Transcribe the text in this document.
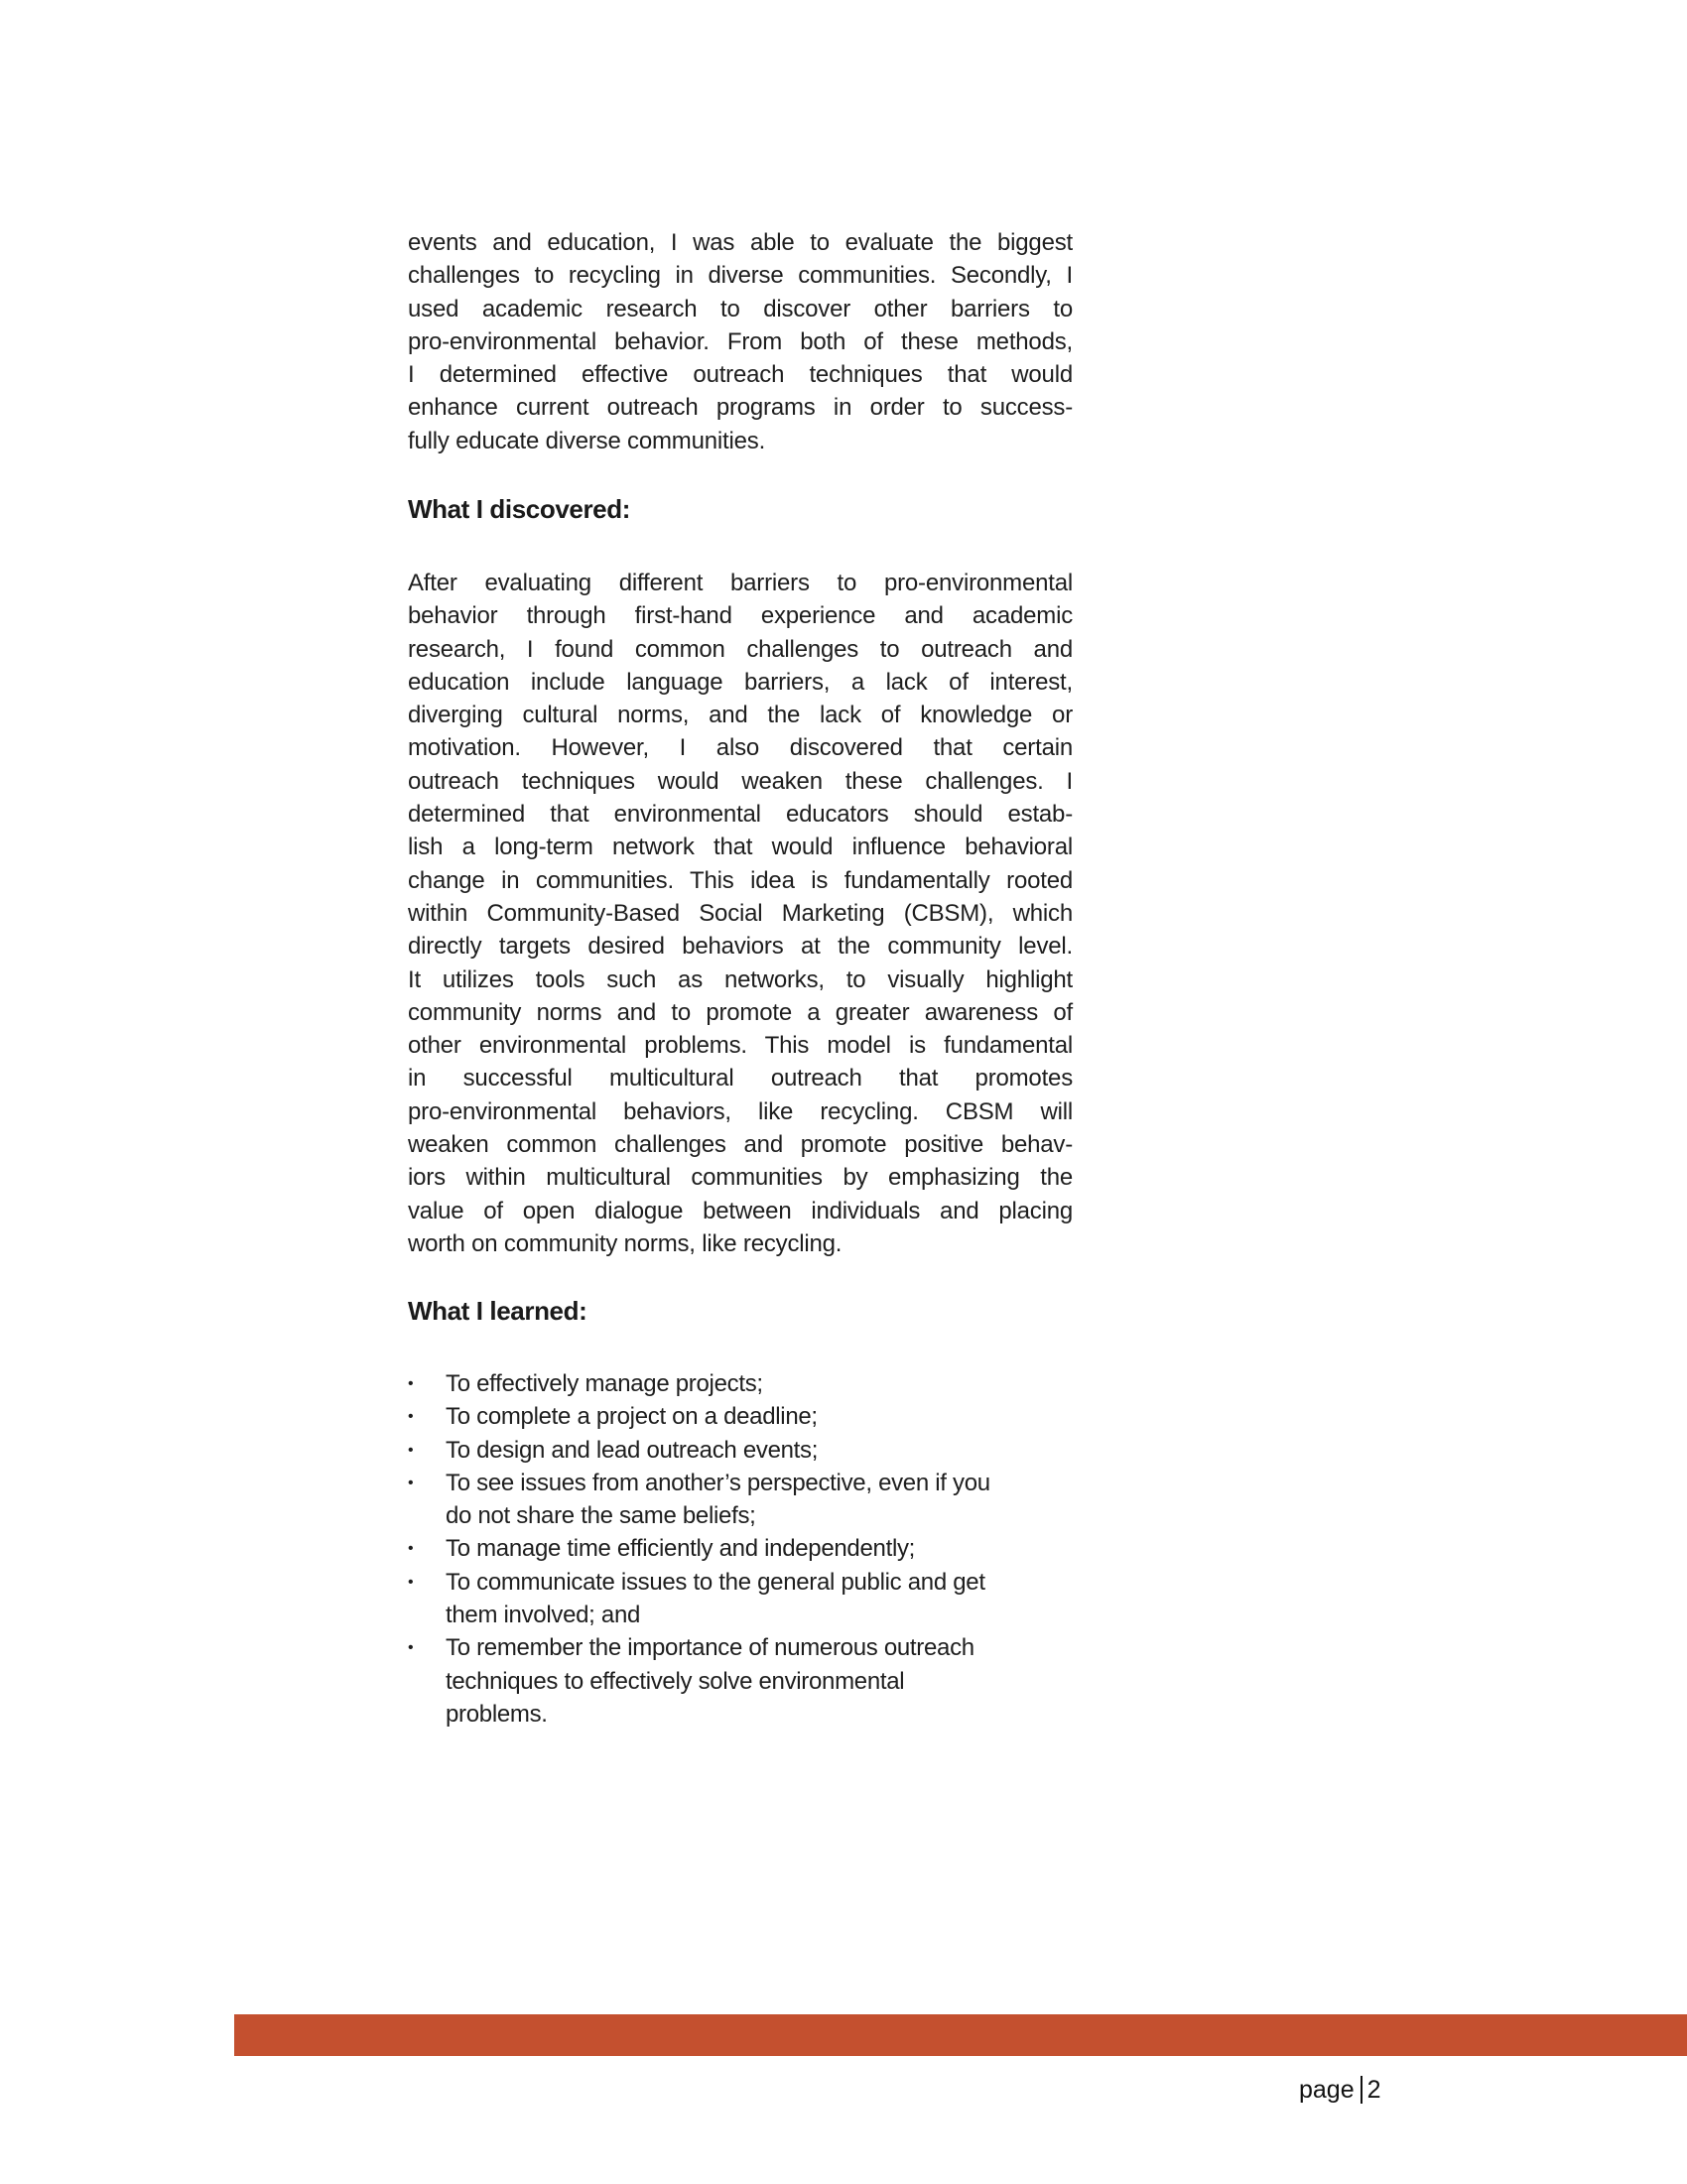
events and education, I was able to evaluate the biggest
challenges to recycling in diverse communities. Secondly, I
used academic research to discover other barriers to
pro-environmental behavior. From both of these methods,
I determined effective outreach techniques that would
enhance current outreach programs in order to success-
fully educate diverse communities.
What I discovered:
After evaluating different barriers to pro-environmental
behavior through first-hand experience and academic
research, I found common challenges to outreach and
education include language barriers, a lack of interest,
diverging cultural norms, and the lack of knowledge or
motivation. However, I also discovered that certain
outreach techniques would weaken these challenges. I
determined that environmental educators should estab-
lish a long-term network that would influence behavioral
change in communities. This idea is fundamentally rooted
within Community-Based Social Marketing (CBSM), which
directly targets desired behaviors at the community level.
It utilizes tools such as networks, to visually highlight
community norms and to promote a greater awareness of
other environmental problems. This model is fundamental
in successful multicultural outreach that promotes
pro-environmental behaviors, like recycling. CBSM will
weaken common challenges and promote positive behav-
iors within multicultural communities by emphasizing the
value of open dialogue between individuals and placing
worth on community norms, like recycling.
What I learned:
• To effectively manage projects;
• To complete a project on a deadline;
• To design and lead outreach events;
• To see issues from another’s perspective, even if you
do not share the same beliefs;
• To manage time efficiently and independently;
• To communicate issues to the general public and get
them involved; and
• To remember the importance of numerous outreach
techniques to effectively solve environmental
problems.
page 2
